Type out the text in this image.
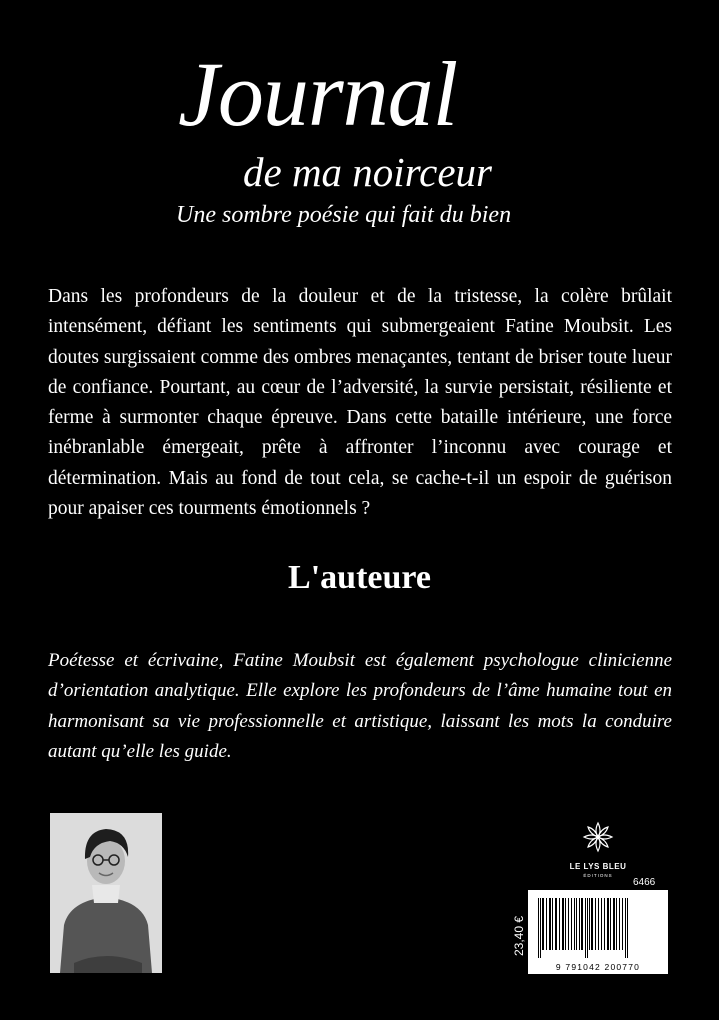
Journal
de ma noirceur
Une sombre poésie qui fait du bien

Dans les profondeurs de la douleur et de la tristesse, la colère brûlait intensément, défiant les sentiments qui submergeaient Fatine Moubsit. Les doutes surgissaient comme des ombres menaçantes, tentant de briser toute lueur de confiance. Pourtant, au cœur de l’adversité, la survie persistait, résiliente et ferme à surmonter chaque épreuve. Dans cette bataille intérieure, une force inébranlable émergeait, prête à affronter l’inconnu avec courage et détermination. Mais au fond de tout cela, se cache-t-il un espoir de guérison pour apaiser ces tourments émotionnels ?

L'auteure

Poétesse et écrivaine, Fatine Moubsit est également psychologue clinicienne d’orientation analytique. Elle explore les profondeurs de l’âme humaine tout en harmonisant sa vie professionnelle et artistique, laissant les mots la conduire autant qu’elle les guide.

LE LYS BLEU
ÉDITIONS
6466
23,40 €
9 791042 200770
